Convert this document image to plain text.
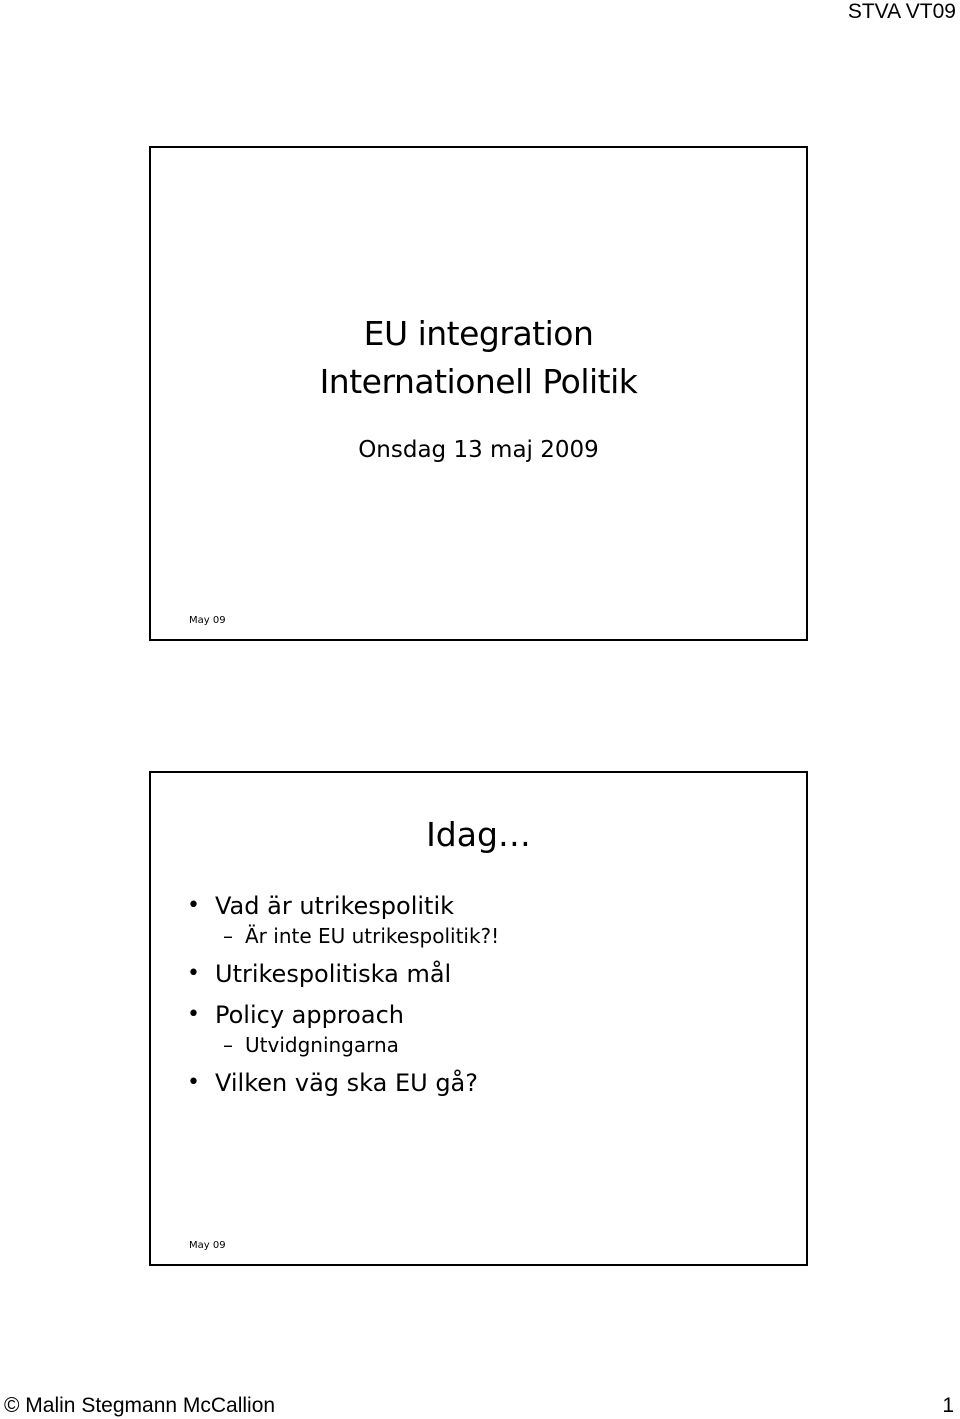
STVA VT09
EU integration
Internationell Politik
Onsdag 13 maj 2009
May 09
Idag…
• Vad är utrikespolitik
– Är inte EU utrikespolitik?!
• Utrikespolitiska mål
• Policy approach
– Utvidgningarna
• Vilken väg ska EU gå?
May 09
© Malin Stegmann McCallion	1
